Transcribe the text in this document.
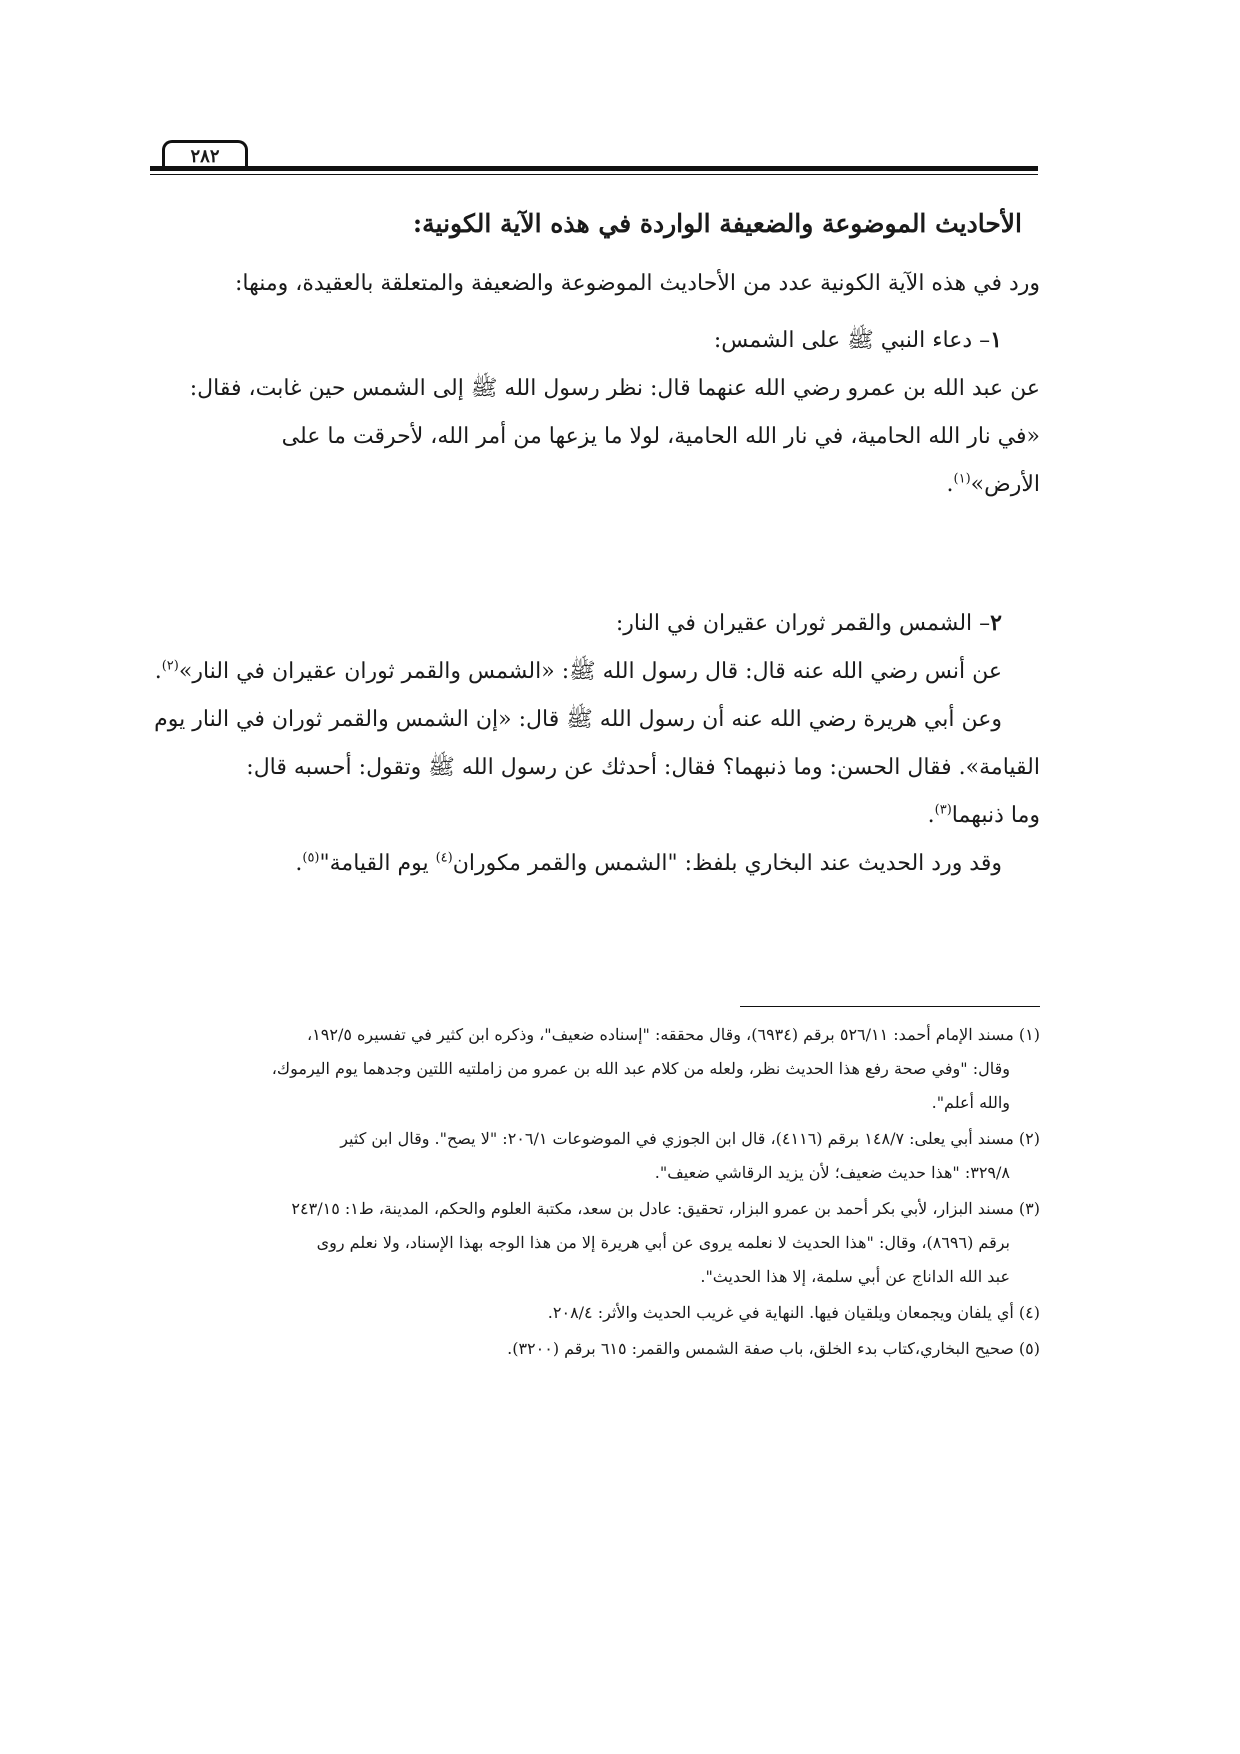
٢٨٢
الأحاديث الموضوعة والضعيفة الواردة في هذه الآية الكونية:

ورد في هذه الآية الكونية عدد من الأحاديث الموضوعة والضعيفة والمتعلقة بالعقيدة، ومنها:

١– دعاء النبي ﷺ على الشمس:

عن عبد الله بن عمرو رضي الله عنهما قال: نظر رسول الله ﷺ إلى الشمس حين غابت، فقال:

«في نار الله الحامية، في نار الله الحامية، لولا ما يزعها من أمر الله، لأحرقت ما على

الأرض»$^{(١)}$.

٢– الشمس والقمر ثوران عقيران في النار:

عن أنس رضي الله عنه قال: قال رسول الله ﷺ: «الشمس والقمر ثوران عقيران في النار»$^{(٢)}$.

وعن أبي هريرة رضي الله عنه أن رسول الله ﷺ قال: «إن الشمس والقمر ثوران في النار يوم

القيامة». فقال الحسن: وما ذنبهما؟ فقال: أحدثك عن رسول الله ﷺ وتقول: أحسبه قال:

وما ذنبهما$^{(٣)}$.

وقد ورد الحديث عند البخاري بلفظ: "الشمس والقمر مكوران$^{(٤)}$ يوم القيامة"$^{(٥)}$.

(١) مسند الإمام أحمد: ٥٢٦/١١ برقم (٦٩٣٤)، وقال محققه: "إسناده ضعيف"، وذكره ابن كثير في تفسيره ١٩٢/٥،
وقال: "وفي صحة رفع هذا الحديث نظر، ولعله من كلام عبد الله بن عمرو من زاملتيه اللتين وجدهما يوم اليرموك،
والله أعلم".
(٢) مسند أبي يعلى: ١٤٨/٧ برقم (٤١١٦)، قال ابن الجوزي في الموضوعات ٢٠٦/١: "لا يصح". وقال ابن كثير
٣٢٩/٨: "هذا حديث ضعيف؛ لأن يزيد الرقاشي ضعيف".
(٣) مسند البزار، لأبي بكر أحمد بن عمرو البزار، تحقيق: عادل بن سعد، مكتبة العلوم والحكم، المدينة، ط١: ٢٤٣/١٥
برقم (٨٦٩٦)، وقال: "هذا الحديث لا نعلمه يروى عن أبي هريرة إلا من هذا الوجه بهذا الإسناد، ولا نعلم روى
عبد الله الداناج عن أبي سلمة، إلا هذا الحديث".
(٤) أي يلفان ويجمعان ويلقيان فيها. النهاية في غريب الحديث والأثر: ٢٠٨/٤.
(٥) صحيح البخاري،كتاب بدء الخلق، باب صفة الشمس والقمر: ٦١٥ برقم (٣٢٠٠).
